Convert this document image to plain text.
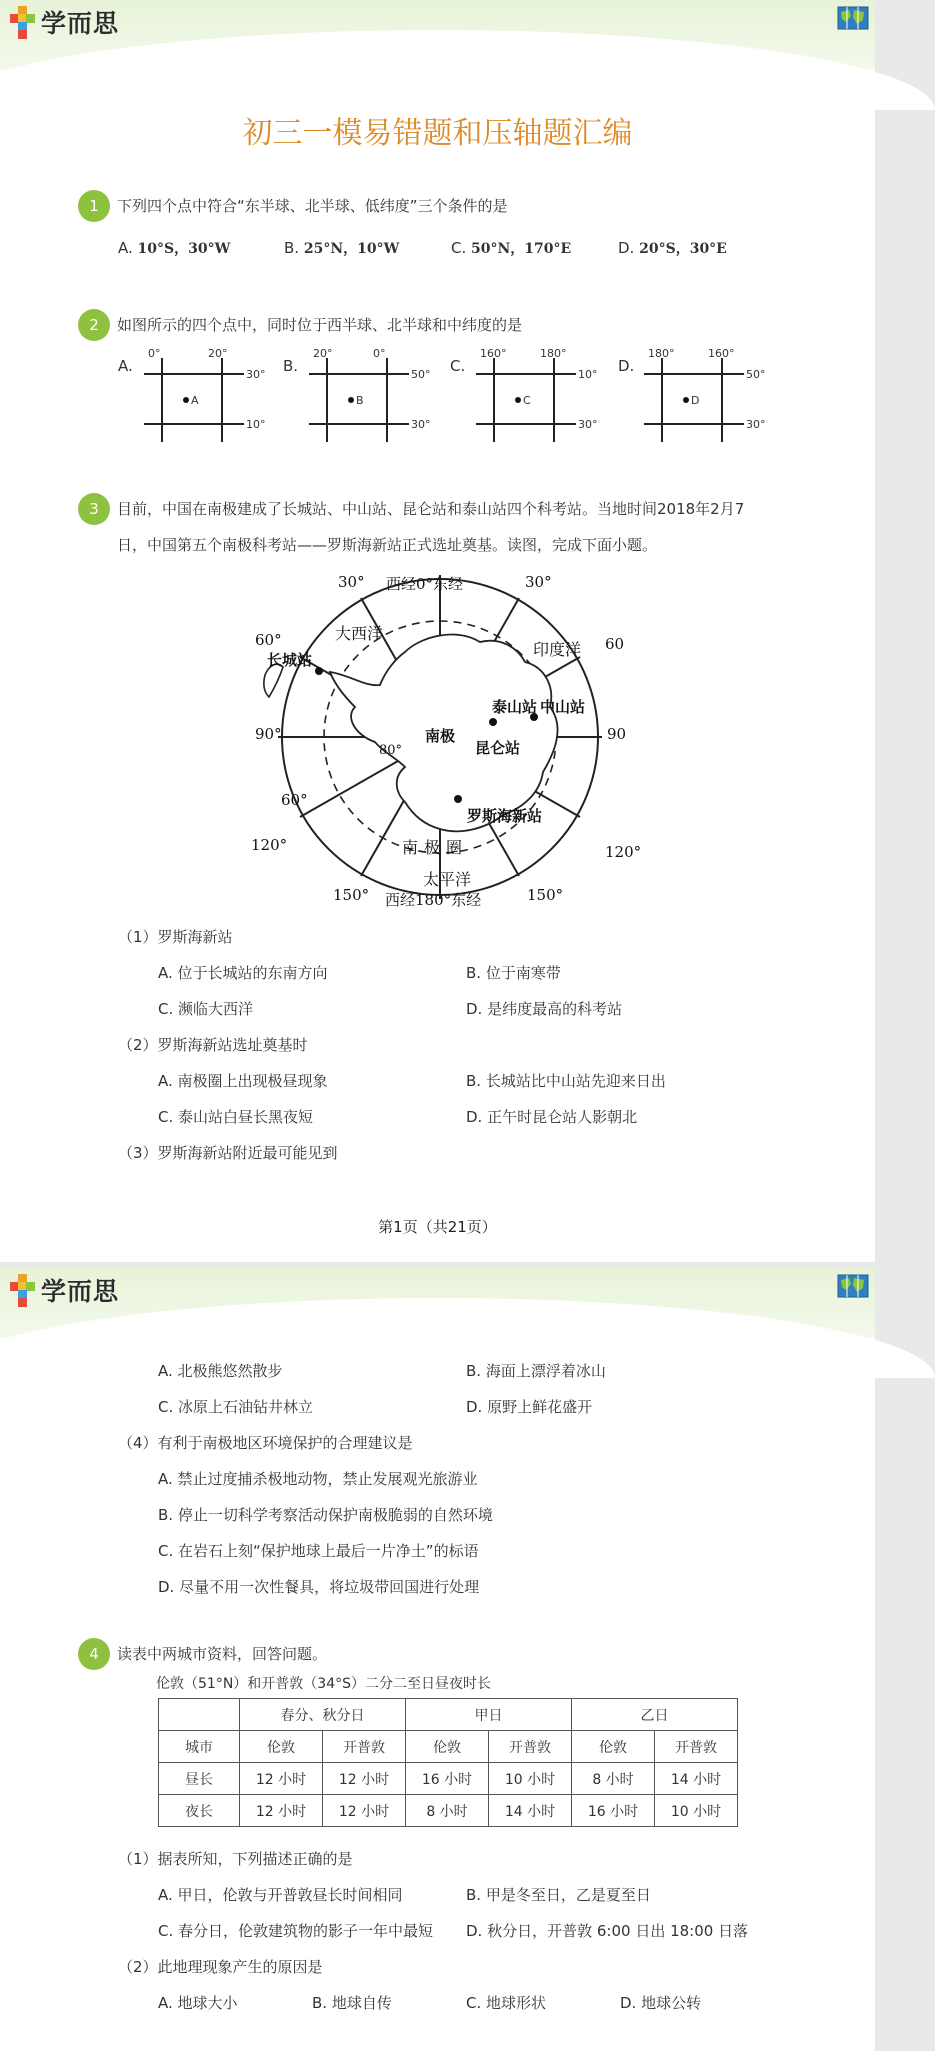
学而思
初三一模易错题和压轴题汇编
1	下列四个点中符合“东半球、北半球、低纬度”三个条件的是
A. 10°S，30°W	B. 25°N，10°W	C. 50°N，170°E	D. 20°S，30°E
2	如图所示的四个点中，同时位于西半球、北半球和中纬度的是
3	目前，中国在南极建成了长城站、中山站、昆仑站和泰山站四个科考站。当地时间2018年2月7
日，中国第五个南极科考站——罗斯海新站正式选址奠基。读图，完成下面小题。
西经0°东经
西经180°东经
30°	30°
60°	60
90°	90
60°
120°	120°
150°	150°
80°
大西洋
印度洋
太平洋
南极
南极圈
长城站
泰山站 中山站
昆仑站
罗斯海新站
（1）罗斯海新站
A. 位于长城站的东南方向	B. 位于南寒带
C. 濒临大西洋	D. 是纬度最高的科考站
（2）罗斯海新站选址奠基时
A. 南极圈上出现极昼现象	B. 长城站比中山站先迎来日出
C. 泰山站白昼长黑夜短	D. 正午时昆仑站人影朝北
（3）罗斯海新站附近最可能见到
第1页（共21页）
A.
A
0°	20°
30°
10°
B.
B
20°	0°
50°
30°
C.
C
160°	180°
10°
30°
D.
D
180°	160°
50°
30°
学而思
A. 北极熊悠然散步	B. 海面上漂浮着冰山
C. 冰原上石油钻井林立	D. 原野上鲜花盛开
（4）有利于南极地区环境保护的合理建议是
A. 禁止过度捕杀极地动物，禁止发展观光旅游业
B. 停止一切科学考察活动保护南极脆弱的自然环境
C. 在岩石上刻“保护地球上最后一片净土”的标语
D. 尽量不用一次性餐具，将垃圾带回国进行处理
4	读表中两城市资料，回答问题。
伦敦（51°N）和开普敦（34°S）二分二至日昼夜时长
	春分、秋分日		甲日		乙日	
城市	伦敦	开普敦	伦敦	开普敦	伦敦	开普敦
昼长	12 小时	12 小时	16 小时	10 小时	8 小时	14 小时
夜长	12 小时	12 小时	8 小时	14 小时	16 小时	10 小时
（1）据表所知，下列描述正确的是
A. 甲日，伦敦与开普敦昼长时间相同	B. 甲是冬至日，乙是夏至日
C. 春分日，伦敦建筑物的影子一年中最短 D. 秋分日，开普敦 6:00 日出 18:00 日落
（2）此地理现象产生的原因是
A. 地球大小	B. 地球自传	C. 地球形状	D. 地球公转
